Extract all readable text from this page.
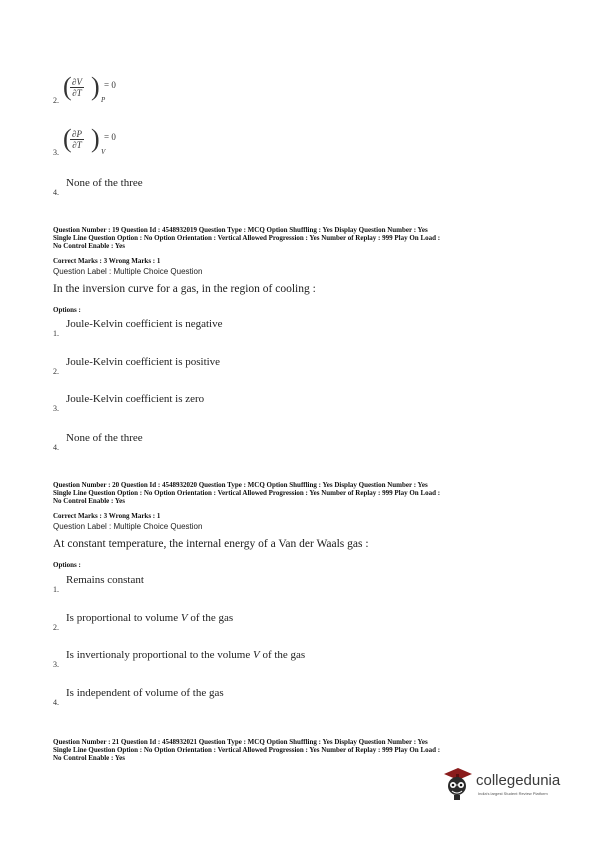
2. (
$\frac{\partial V}{\partial T}$ ) P
= 0
3. (
$\frac{\partial P}{\partial T}$ ) V
= 0
4.
None of the three
Question Number : 19 Question Id : 4548932019 Question Type : MCQ Option Shuffling : Yes Display Question Number : Yes
Single Line Question Option : No Option Orientation : Vertical Allowed Progression : Yes Number of Replay : 999 Play On Load :
No Control Enable : Yes
Correct Marks : 3 Wrong Marks : 1
Question Label : Multiple Choice Question
In the inversion curve for a gas, in the region of cooling :
Options :
1.
Joule-Kelvin coefficient is negative
2.
Joule-Kelvin coefficient is positive
3.
Joule-Kelvin coefficient is zero
4.
None of the three
Question Number : 20 Question Id : 4548932020 Question Type : MCQ Option Shuffling : Yes Display Question Number : Yes
Single Line Question Option : No Option Orientation : Vertical Allowed Progression : Yes Number of Replay : 999 Play On Load :
No Control Enable : Yes
Correct Marks : 3 Wrong Marks : 1
Question Label : Multiple Choice Question
At constant temperature, the internal energy of a Van der Waals gas :
Options :
1.
Remains constant
2.
Is proportional to volume V of the gas
3.
Is invertionaly proportional to the volume V of the gas
4.
Is independent of volume of the gas
Question Number : 21 Question Id : 4548932021 Question Type : MCQ Option Shuffling : Yes Display Question Number : Yes
Single Line Question Option : No Option Orientation : Vertical Allowed Progression : Yes Number of Replay : 999 Play On Load :
No Control Enable : Yes
collegedunia
India's largest Student Review Platform
